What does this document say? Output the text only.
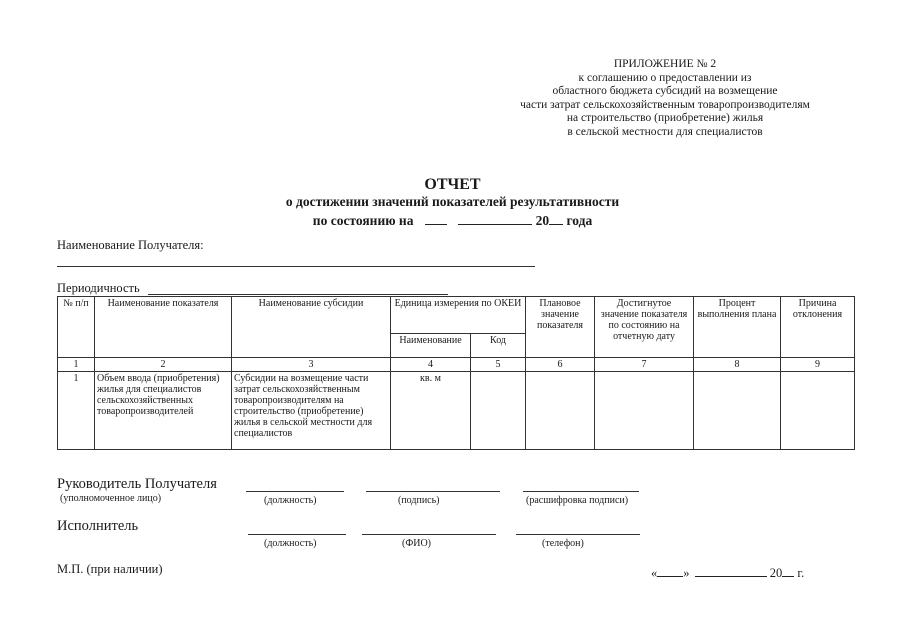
ПРИЛОЖЕНИЕ № 2
к соглашению о предоставлении из
областного бюджета субсидий на возмещение
части затрат сельскохозяйственным товаропроизводителям
на строительство (приобретение) жилья
в сельской местности для специалистов
ОТЧЕТ
о достижении значений показателей результативности
по состоянию на	20 года
Наименование Получателя:
Периодичность
№ п/п	Наименование показателя	Наименование субсидии	Единица измерения по ОКЕИ		Плановое значение показателя	Достигнутое значение показателя по состоянию на отчетную дату	Процент выполнения плана	Причина отклонения
			Наименование	Код				
1	2	3	4	5	6	7	8	9
1	Объем ввода (приобретения) жилья для специалистов сельскохозяйственных товаропроизводителей	Субсидии на возмещение части затрат сельскохозяйственным товаропроизводителям на строительство (приобретение) жилья в сельской местности для специалистов	кв. м					
Руководитель Получателя
(уполномоченное лицо)	(должность)	(подпись)	(расшифровка подписи)
Исполнитель
(должность)	(ФИО)	(телефон)
М.П. (при наличии)	« »	20 г.
